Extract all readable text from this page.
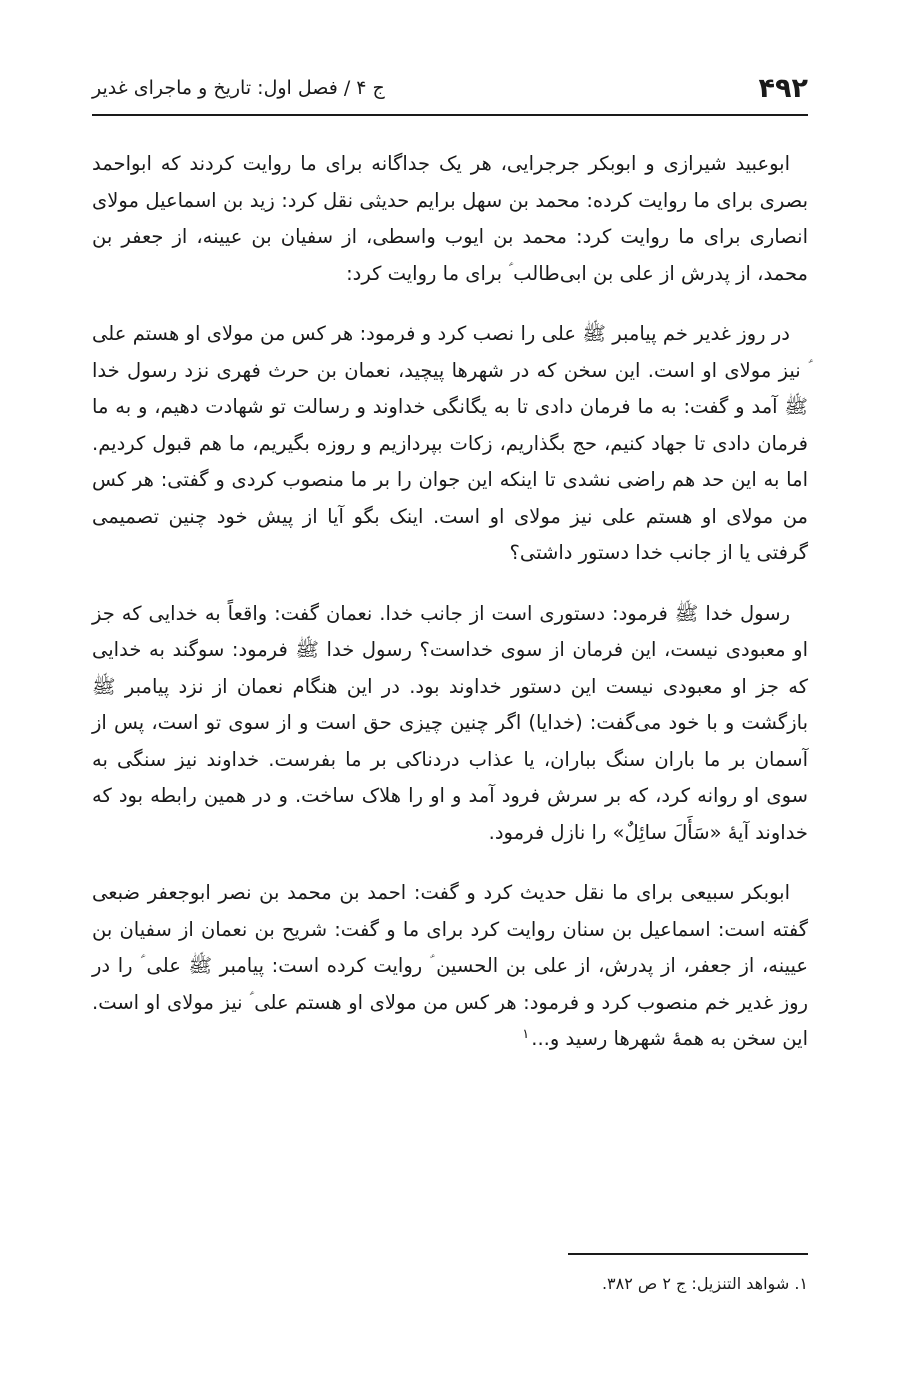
۴۹۲
ج ۴ / فصل اول: تاریخ و ماجرای غدیر

ابوعبید شیرازی و ابوبکر جرجرایی، هر یک جداگانه برای ما روایت کردند که ابواحمد بصری برای ما روایت کرده: محمد بن سهل برایم حدیثی نقل کرد: زید بن اسماعیل مولای انصاری برای ما روایت کرد: محمد بن ایوب واسطی، از سفیان بن عیینه، از جعفر بن محمد، از پدرش از علی بن ابی‌طالب ؑ برای ما روایت کرد:

در روز غدیر خم پیامبر ﷺ علی را نصب کرد و فرمود: هر کس من مولای او هستم علی ؑ نیز مولای او است. این سخن که در شهرها پیچید، نعمان بن حرث فهری نزد رسول خدا ﷺ آمد و گفت: به ما فرمان دادی تا به یگانگی خداوند و رسالت تو شهادت دهیم، و به ما فرمان دادی تا جهاد کنیم، حج بگذاریم، زکات بپردازیم و روزه بگیریم، ما هم قبول کردیم. اما به این حد هم راضی نشدی تا اینکه این جوان را بر ما منصوب کردی و گفتی: هر کس من مولای او هستم علی نیز مولای او است. اینک بگو آیا از پیش خود چنین تصمیمی گرفتی یا از جانب خدا دستور داشتی؟

رسول خدا ﷺ فرمود: دستوری است از جانب خدا. نعمان گفت: واقعاً به خدایی که جز او معبودی نیست، این فرمان از سوی خداست؟ رسول خدا ﷺ فرمود: سوگند به خدایی که جز او معبودی نیست این دستور خداوند بود. در این هنگام نعمان از نزد پیامبر ﷺ بازگشت و با خود می‌گفت: (خدایا) اگر چنین چیزی حق است و از سوی تو است، پس از آسمان بر ما باران سنگ بباران، یا عذاب دردناکی بر ما بفرست. خداوند نیز سنگی به سوی او روانه کرد، که بر سرش فرود آمد و او را هلاک ساخت. و در همین رابطه بود که خداوند آیهٔ «سَأَلَ سائِلٌ» را نازل فرمود.

ابوبکر سبیعی برای ما نقل حدیث کرد و گفت: احمد بن محمد بن نصر ابوجعفر ضبعی گفته است: اسماعیل بن سنان روایت کرد برای ما و گفت: شریح بن نعمان از سفیان بن عیینه، از جعفر، از پدرش، از علی بن الحسین ؑ روایت کرده است: پیامبر ﷺ علی ؑ را در روز غدیر خم منصوب کرد و فرمود: هر کس من مولای او هستم علی ؑ نیز مولای او است. این سخن به همهٔ شهرها رسید و...$^۱$

۱. شواهد التنزیل: ج ۲ ص ۳۸۲.
